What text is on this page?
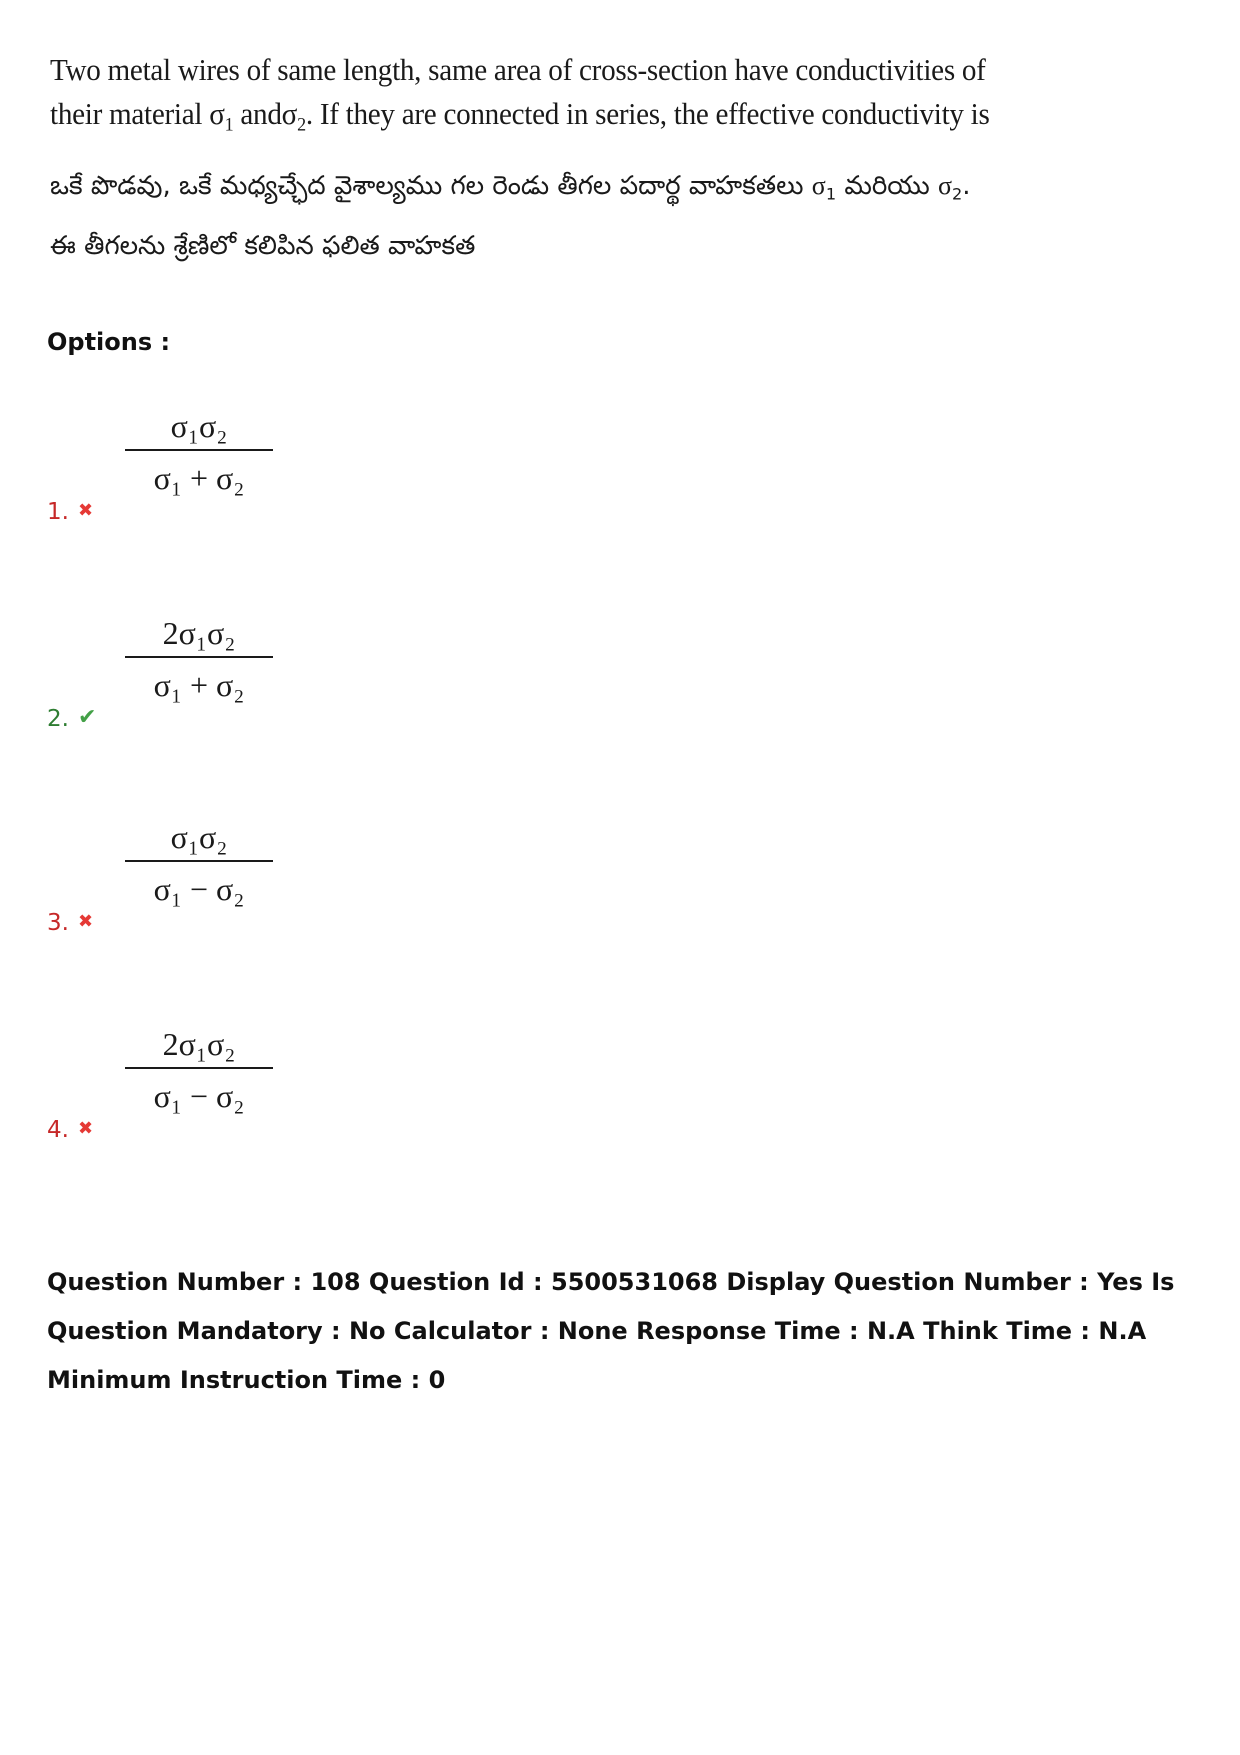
Two metal wires of same length, same area of cross-section have conductivities of
their material $\sigma_1$ andσ$_2$. If they are connected in series, the effective conductivity is
ఒకే పొడవు, ఒకే మధ్యచ్ఛేద వైశాల్యము గల రెండు తీగల పదార్థ వాహకతలు $\sigma_1$ మరియు $\sigma_2$.
ఈ తీగలను శ్రేణిలో కలిపిన ఫలిత వాహకత
Options :
σ₁σ₂
σ₁ + σ₂
1. ✖
2σ₁σ₂
σ₁ + σ₂
2. ✔
σ₁σ₂
σ₁ − σ₂
3. ✖
2σ₁σ₂
σ₁ − σ₂
4. ✖
Question Number : 108 Question Id : 5500531068 Display Question Number : Yes Is Question Mandatory : No Calculator : None Response Time : N.A Think Time : N.A Minimum Instruction Time : 0
